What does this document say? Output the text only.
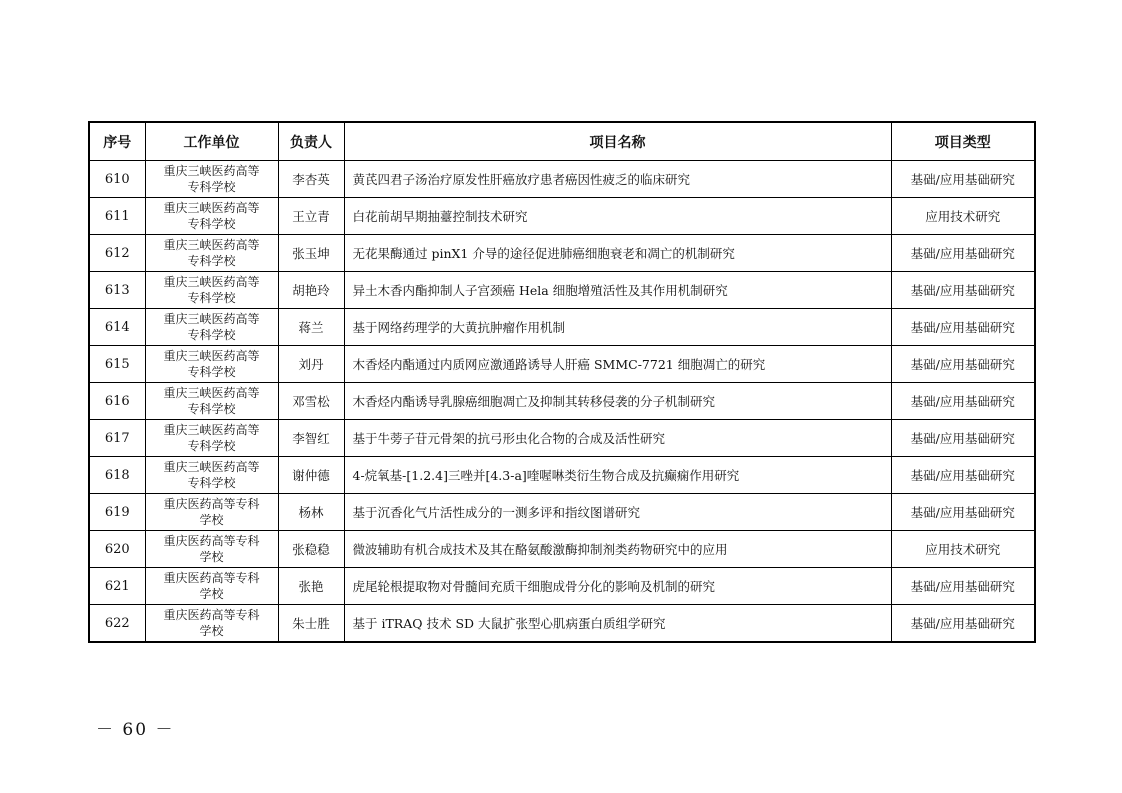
序号	工作单位	负责人	项目名称	项目类型
610	重庆三峡医药高等
专科学校	李杏英	黄芪四君子汤治疗原发性肝癌放疗患者癌因性疲乏的临床研究	基础/应用基础研究
611	重庆三峡医药高等
专科学校	王立青	白花前胡早期抽薹控制技术研究	应用技术研究
612	重庆三峡医药高等
专科学校	张玉坤	无花果酶通过 pinX1 介导的途径促进肺癌细胞衰老和凋亡的机制研究	基础/应用基础研究
613	重庆三峡医药高等
专科学校	胡艳玲	异土木香内酯抑制人子宫颈癌 Hela 细胞增殖活性及其作用机制研究	基础/应用基础研究
614	重庆三峡医药高等
专科学校	蒋兰	基于网络药理学的大黄抗肿瘤作用机制	基础/应用基础研究
615	重庆三峡医药高等
专科学校	刘丹	木香烃内酯通过内质网应激通路诱导人肝癌 SMMC-7721 细胞凋亡的研究	基础/应用基础研究
616	重庆三峡医药高等
专科学校	邓雪松	木香烃内酯诱导乳腺癌细胞凋亡及抑制其转移侵袭的分子机制研究	基础/应用基础研究
617	重庆三峡医药高等
专科学校	李智红	基于牛蒡子苷元骨架的抗弓形虫化合物的合成及活性研究	基础/应用基础研究
618	重庆三峡医药高等
专科学校	谢仲德	4-烷氧基-[1.2.4]三唑并[4.3-a]喹喔啉类衍生物合成及抗癫痫作用研究	基础/应用基础研究
619	重庆医药高等专科
学校	杨林	基于沉香化气片活性成分的一测多评和指纹图谱研究	基础/应用基础研究
620	重庆医药高等专科
学校	张稳稳	微波辅助有机合成技术及其在酪氨酸激酶抑制剂类药物研究中的应用	应用技术研究
621	重庆医药高等专科
学校	张艳	虎尾轮根提取物对骨髓间充质干细胞成骨分化的影响及机制的研究	基础/应用基础研究
622	重庆医药高等专科
学校	朱士胜	基于 iTRAQ 技术 SD 大鼠扩张型心肌病蛋白质组学研究	基础/应用基础研究
－ 60 －
